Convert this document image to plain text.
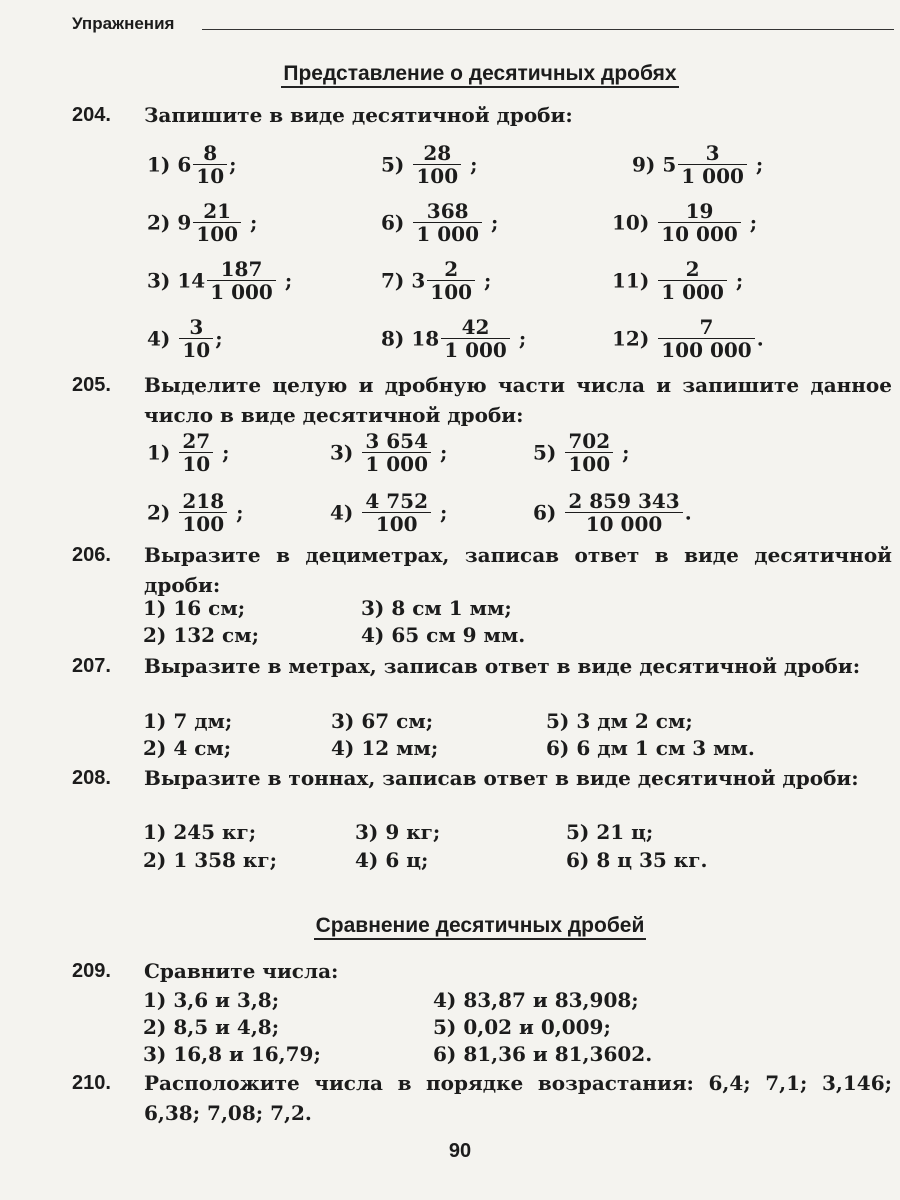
Упражнения
Представление о десятичных дробях
204. Запишите в виде десятичной дроби:
1) $6 \frac{8}{10}$ ;
2) $9 \frac{21}{100}$ ;
3) $14 \frac{187}{1 000}$ ;
$4) \frac{3}{10}$ ;
$5) \frac{28}{100}$ ;
$6) \frac{368}{1 000}$ ;
7) $3 \frac{2}{100}$ ;
8) $18 \frac{42}{1 000}$ ;
9) $5 \frac{3}{1 000}$ ;
$10) \frac{19}{10 000}$ ;
$11) \frac{2}{1 000}$ ;
$12) \frac{7}{100 000}$ .
205. Выделите целую и дробную части числа и запишите данное число в виде десятичной дроби:
$1) \frac{27}{10}$ ;
$2) \frac{218}{100}$ ;
$3) \frac{3 654}{1 000}$ ;
$4) \frac{4 752}{100}$ ;
$5) \frac{702}{100}$ ;
$6) \frac{2 859 343}{10 000}$ .
206. Выразите в дециметрах, записав ответ в виде десятичной дроби:
1) 16 см;
2) 132 см;
3) 8 см 1 мм;
4) 65 см 9 мм.
207. Выразите в метрах, записав ответ в виде десятичной дроби:
1) 7 дм;
2) 4 см;
3) 67 см;
4) 12 мм;
5) 3 дм 2 см;
6) 6 дм 1 см 3 мм.
208. Выразите в тоннах, записав ответ в виде десятичной дроби:
1) 245 кг;
2) 1 358 кг;
3) 9 кг;
4) 6 ц;
5) 21 ц;
6) 8 ц 35 кг.
Сравнение десятичных дробей
209. Сравните числа:
1) 3,6 и 3,8;
2) 8,5 и 4,8;
3) 16,8 и 16,79;
4) 83,87 и 83,908;
5) 0,02 и 0,009;
6) 81,36 и 81,3602.
210. Расположите числа в порядке возрастания: 6,4; 7,1; 3,146; 6,38; 7,08; 7,2.
90
